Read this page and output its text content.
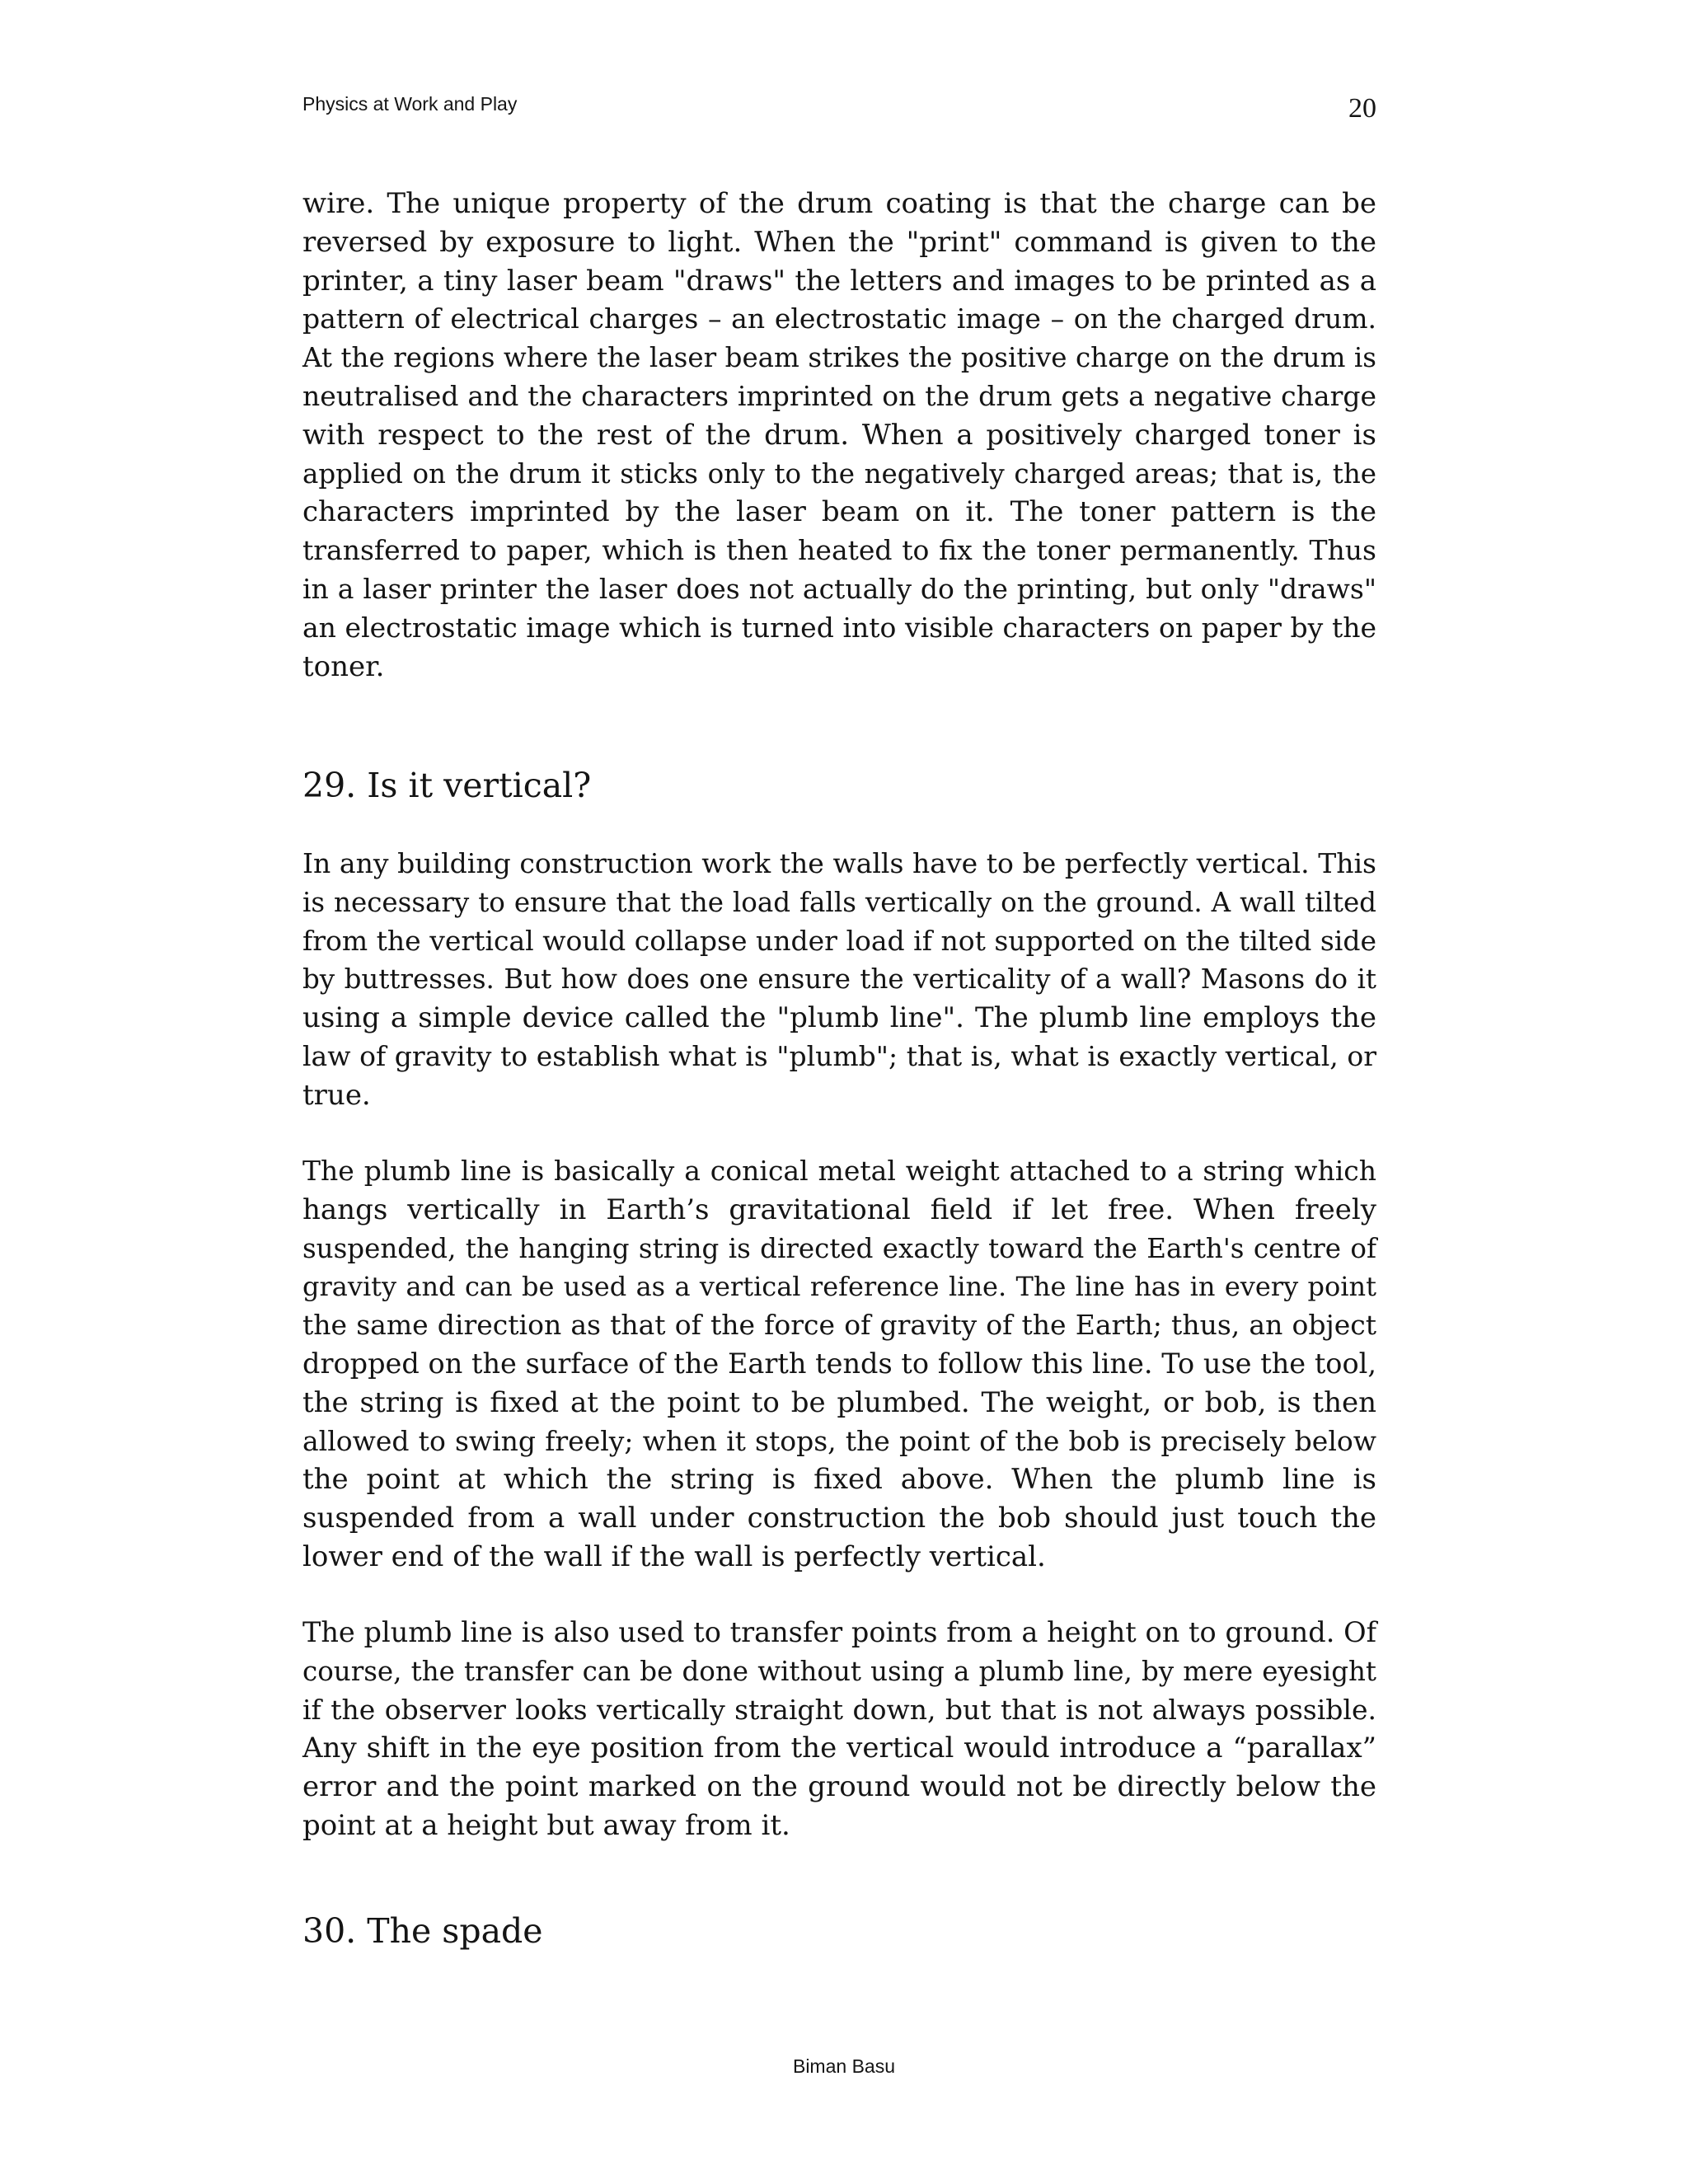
Physics at Work and Play	20
wire. The unique property of the drum coating is that the charge can be
reversed by exposure to light. When the "print" command is given to the
printer, a tiny laser beam "draws" the letters and images to be printed as a
pattern of electrical charges – an electrostatic image – on the charged drum.
At the regions where the laser beam strikes the positive charge on the drum is
neutralised and the characters imprinted on the drum gets a negative charge
with respect to the rest of the drum. When a positively charged toner is
applied on the drum it sticks only to the negatively charged areas; that is, the
characters imprinted by the laser beam on it. The toner pattern is the
transferred to paper, which is then heated to fix the toner permanently. Thus
in a laser printer the laser does not actually do the printing, but only "draws"
an electrostatic image which is turned into visible characters on paper by the
toner.
29. Is it vertical?
In any building construction work the walls have to be perfectly vertical. This
is necessary to ensure that the load falls vertically on the ground. A wall tilted
from the vertical would collapse under load if not supported on the tilted side
by buttresses. But how does one ensure the verticality of a wall? Masons do it
using a simple device called the "plumb line". The plumb line employs the
law of gravity to establish what is "plumb"; that is, what is exactly vertical, or
true.
The plumb line is basically a conical metal weight attached to a string which
hangs vertically in Earth’s gravitational field if let free. When freely
suspended, the hanging string is directed exactly toward the Earth's centre of
gravity and can be used as a vertical reference line. The line has in every point
the same direction as that of the force of gravity of the Earth; thus, an object
dropped on the surface of the Earth tends to follow this line. To use the tool,
the string is fixed at the point to be plumbed. The weight, or bob, is then
allowed to swing freely; when it stops, the point of the bob is precisely below
the point at which the string is fixed above. When the plumb line is
suspended from a wall under construction the bob should just touch the
lower end of the wall if the wall is perfectly vertical.
The plumb line is also used to transfer points from a height on to ground. Of
course, the transfer can be done without using a plumb line, by mere eyesight
if the observer looks vertically straight down, but that is not always possible.
Any shift in the eye position from the vertical would introduce a “parallax”
error and the point marked on the ground would not be directly below the
point at a height but away from it.
30. The spade
Biman Basu
